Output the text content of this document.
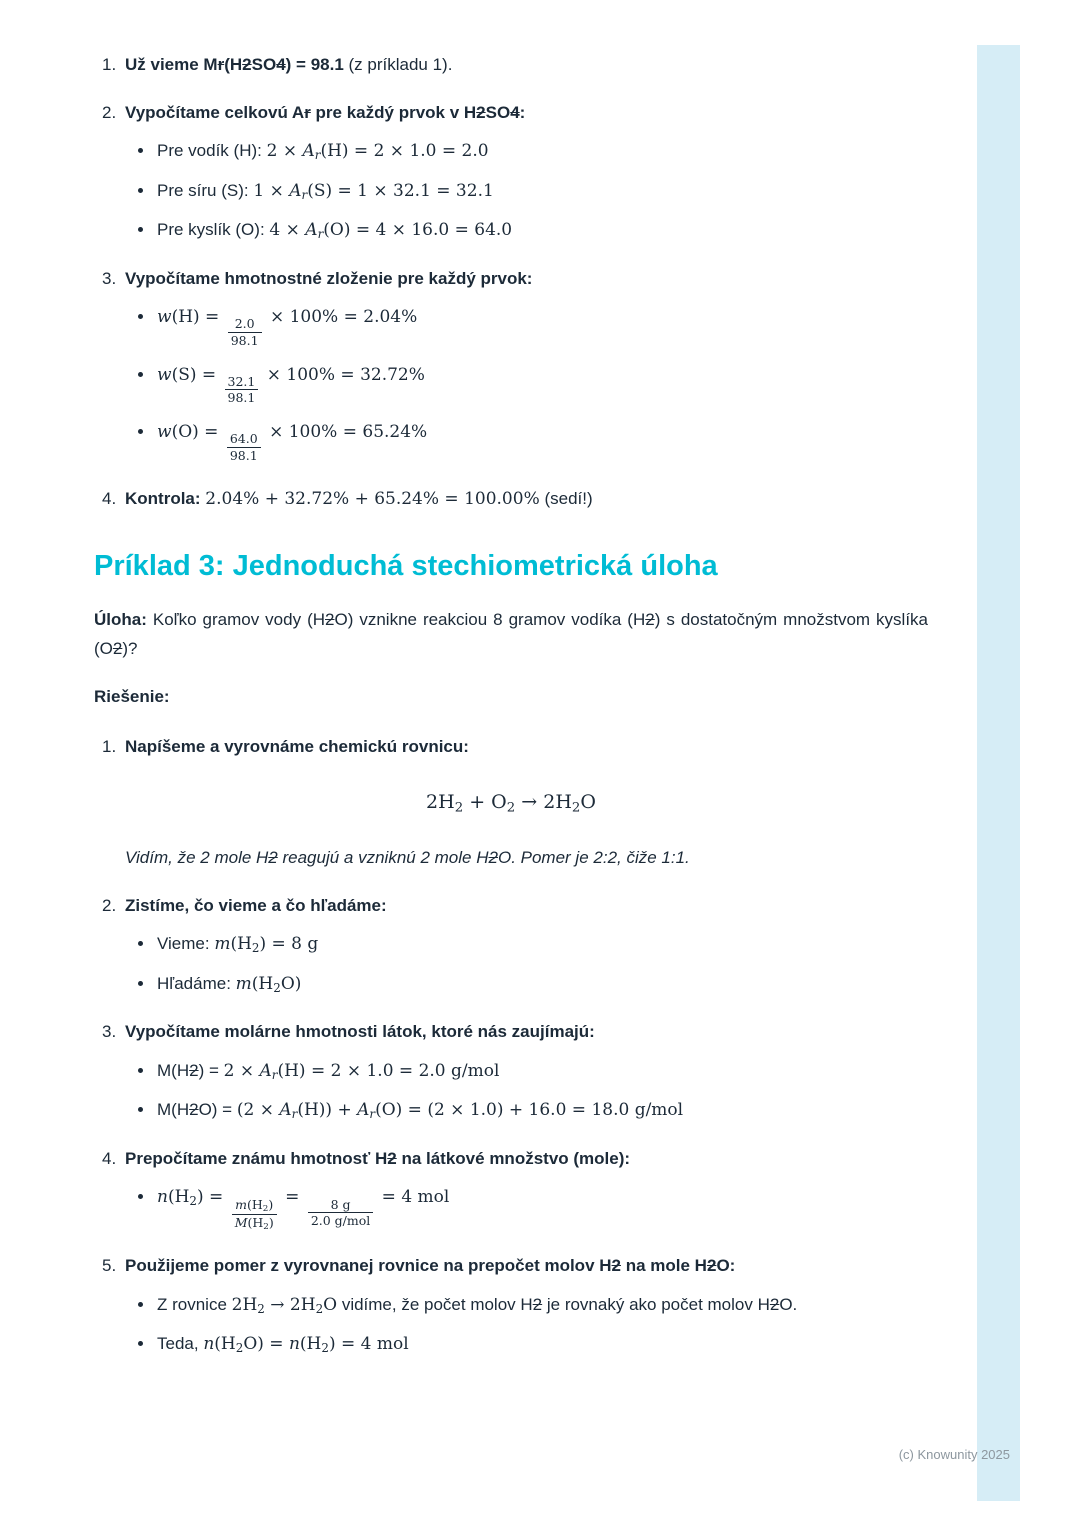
1. Už vieme Mr(H2SO4) = 98.1 (z príkladu 1).
2. Vypočítame celkovú Ar pre každý prvok v H2SO4:
Pre vodík (H): $2 \times A_r(H) = 2 \times 1.0 = 2.0$
Pre síru (S): $1 \times A_r(S) = 1 \times 32.1 = 32.1$
Pre kyslík (O): $4 \times A_r(O) = 4 \times 16.0 = 64.0$
3. Vypočítame hmotnostné zloženie pre každý prvok:
$w(H) = \frac{2.0}{98.1} \times 100\% = 2.04\%$
$w(S) = \frac{32.1}{98.1} \times 100\% = 32.72\%$
$w(O) = \frac{64.0}{98.1} \times 100\% = 65.24\%$
4. Kontrola: 2.04% + 32.72% + 65.24% = 100.00% (sedí!)
Príklad 3: Jednoduchá stechiometrická úloha
Úloha: Koľko gramov vody (H2O) vznikne reakciou 8 gramov vodíka (H2) s dostatočným množstvom kyslíka (O2)?
Riešenie:
1. Napíšeme a vyrovnáme chemickú rovnicu:
$2H_2 + O_2 \to 2H_2O$
Vidím, že 2 mole H2 reagujú a vzniknú 2 mole H2O. Pomer je 2:2, čiže 1:1.
2. Zistíme, čo vieme a čo hľadáme:
Vieme: $m(H_2) = 8$ g
Hľadáme: $m(H_2O)$
3. Vypočítame molárne hmotnosti látok, ktoré nás zaujímajú:
$M(H2) = 2 \times A_r(H) = 2 \times 1.0 = 2.0$ g/mol
$M(H2O) = (2 \times A_r(H)) + A_r(O) = (2 \times 1.0) + 16.0 = 18.0$ g/mol
4. Prepočítame známu hmotnosť H2 na látkové množstvo (mole):
$n(H_2) = \frac{m(H_2)}{M(H_2)} = \frac{8 g}{\text{2.0 g/mol}} = 4$ mol
5. Použijeme pomer z vyrovnanej rovnice na prepočet molov H2 na mole H2O:
Z rovnice $2H_2 \to 2H_2O$ vidíme, že počet molov H2 je rovnaký ako počet molov H2O.
Teda, $n(H_2O) = n(H_2) = 4$ mol
(c) Knowunity 2025
